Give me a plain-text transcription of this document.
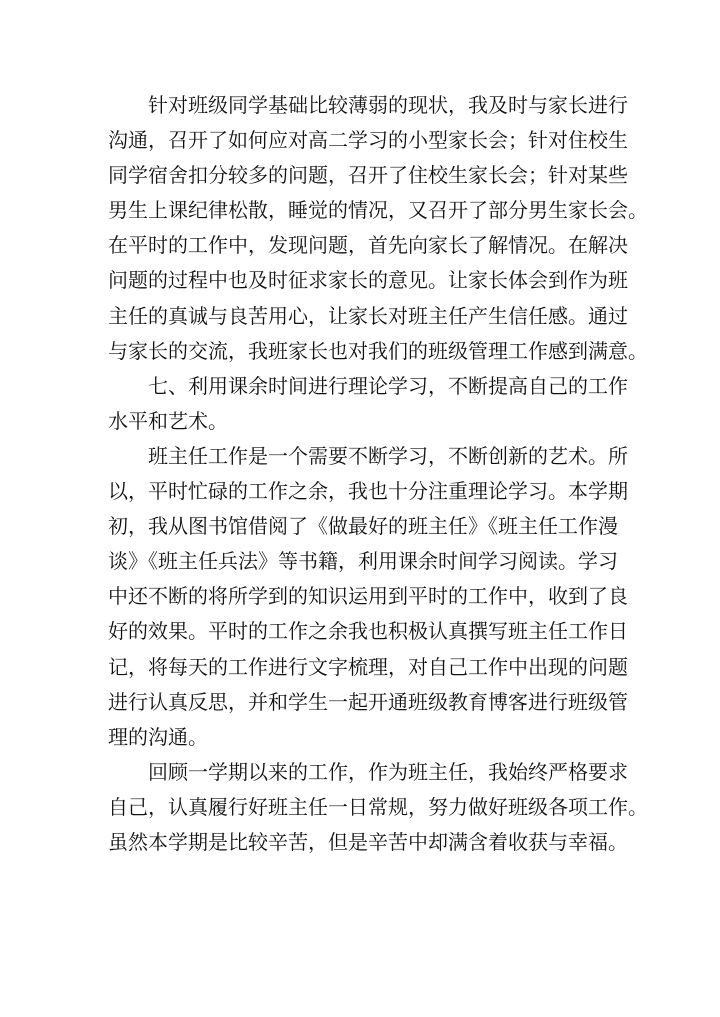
针对班级同学基础比较薄弱的现状，我及时与家长进行
沟通，召开了如何应对高二学习的小型家长会；针对住校生
同学宿舍扣分较多的问题，召开了住校生家长会；针对某些
男生上课纪律松散，睡觉的情况，又召开了部分男生家长会。
在平时的工作中，发现问题，首先向家长了解情况。在解决
问题的过程中也及时征求家长的意见。让家长体会到作为班
主任的真诚与良苦用心，让家长对班主任产生信任感。通过
与家长的交流，我班家长也对我们的班级管理工作感到满意。
七、利用课余时间进行理论学习，不断提高自己的工作
水平和艺术。
班主任工作是一个需要不断学习，不断创新的艺术。所
以，平时忙碌的工作之余，我也十分注重理论学习。本学期
初，我从图书馆借阅了《做最好的班主任》《班主任工作漫
谈》《班主任兵法》等书籍，利用课余时间学习阅读。学习
中还不断的将所学到的知识运用到平时的工作中，收到了良
好的效果。平时的工作之余我也积极认真撰写班主任工作日
记，将每天的工作进行文字梳理，对自己工作中出现的问题
进行认真反思，并和学生一起开通班级教育博客进行班级管
理的沟通。
回顾一学期以来的工作，作为班主任，我始终严格要求
自己，认真履行好班主任一日常规，努力做好班级各项工作。
虽然本学期是比较辛苦，但是辛苦中却满含着收获与幸福。
